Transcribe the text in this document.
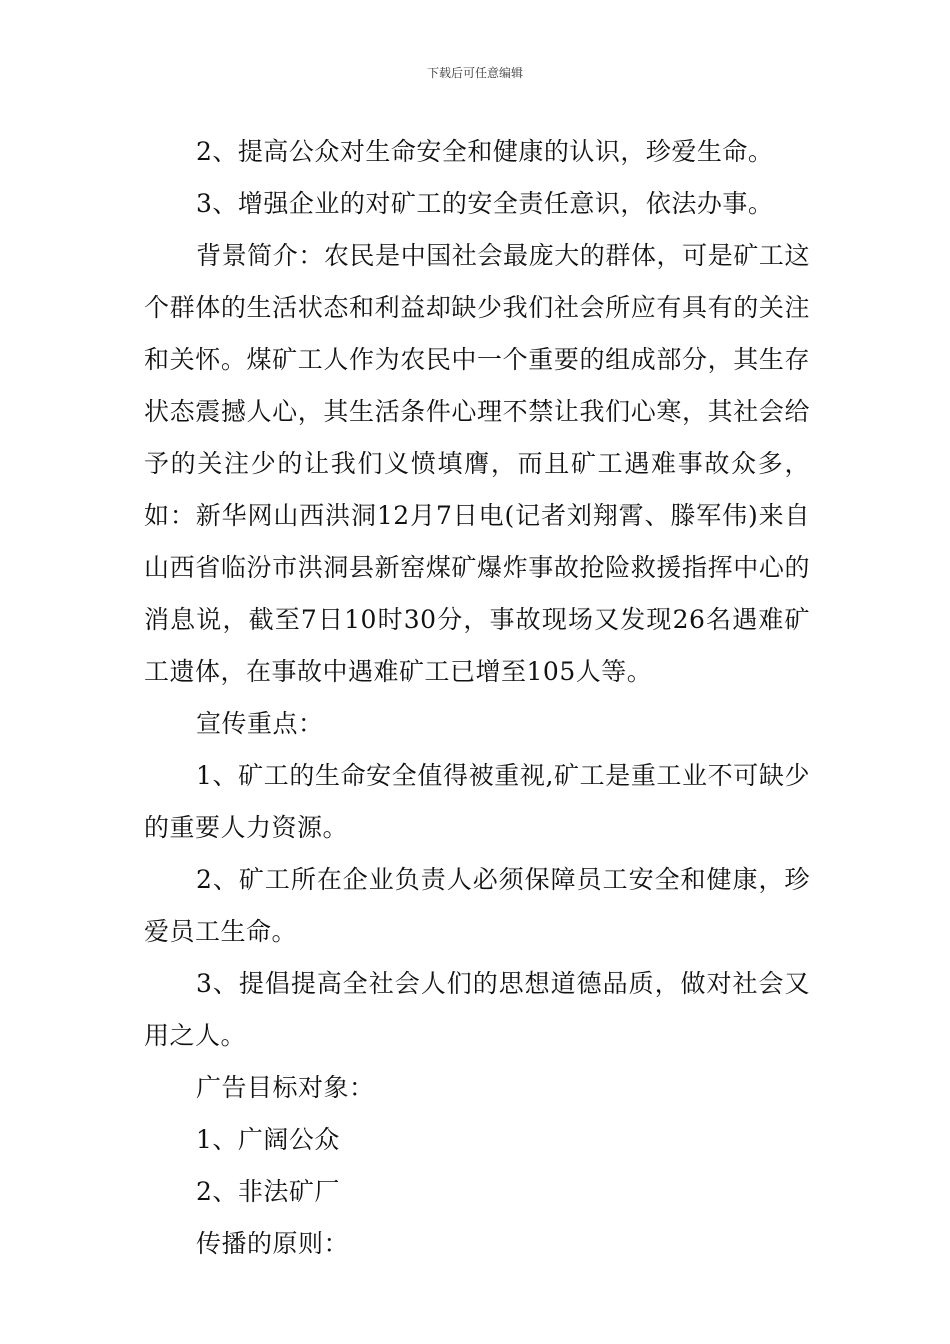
下载后可任意编辑

2、提高公众对生命安全和健康的认识，珍爱生命。

3、增强企业的对矿工的安全责任意识，依法办事。

背景简介：农民是中国社会最庞大的群体，可是矿工这个群体的生活状态和利益却缺少我们社会所应有具有的关注和关怀。煤矿工人作为农民中一个重要的组成部分，其生存状态震撼人心，其生活条件心理不禁让我们心寒，其社会给予的关注少的让我们义愤填膺，而且矿工遇难事故众多，如：新华网山西洪洞12月7日电(记者刘翔霄、滕军伟)来自山西省临汾市洪洞县新窑煤矿爆炸事故抢险救援指挥中心的消息说，截至7日10时30分，事故现场又发现26名遇难矿工遗体，在事故中遇难矿工已增至105人等。

宣传重点：

1、矿工的生命安全值得被重视,矿工是重工业不可缺少的重要人力资源。

2、矿工所在企业负责人必须保障员工安全和健康，珍爱员工生命。

3、提倡提高全社会人们的思想道德品质，做对社会又用之人。

广告目标对象：

1、广阔公众

2、非法矿厂

传播的原则：
